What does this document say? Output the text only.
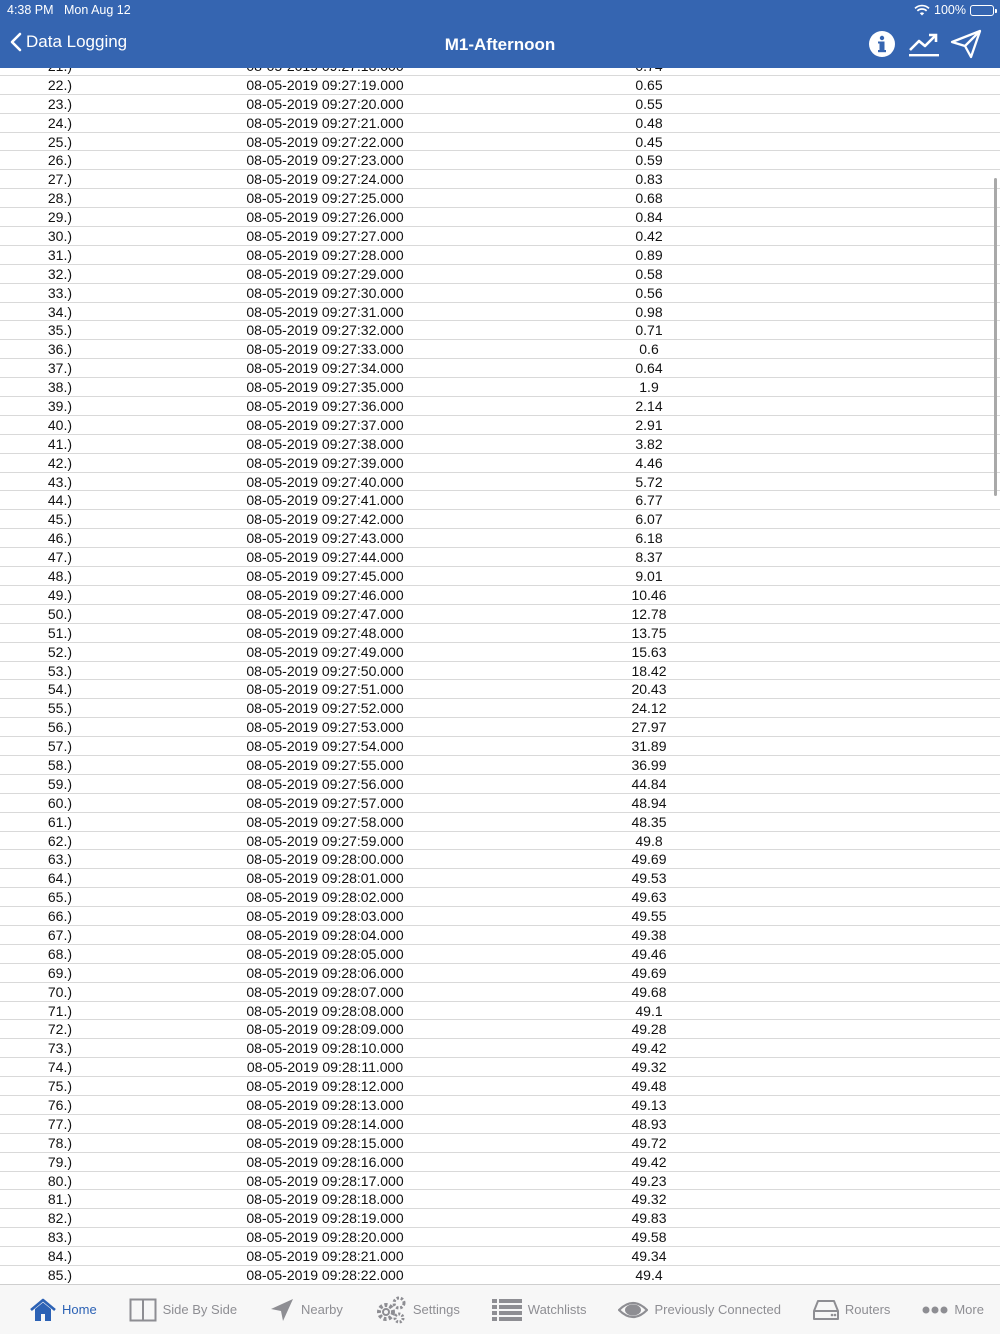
4:38 PM Mon Aug 12	100%
Data Logging	M1-Afternoon
22.)	08-05-2019 09:27:19.000	0.65
23.)	08-05-2019 09:27:20.000	0.55
24.)	08-05-2019 09:27:21.000	0.48
25.)	08-05-2019 09:27:22.000	0.45
26.)	08-05-2019 09:27:23.000	0.59
27.)	08-05-2019 09:27:24.000	0.83
28.)	08-05-2019 09:27:25.000	0.68
29.)	08-05-2019 09:27:26.000	0.84
30.)	08-05-2019 09:27:27.000	0.42
31.)	08-05-2019 09:27:28.000	0.89
32.)	08-05-2019 09:27:29.000	0.58
33.)	08-05-2019 09:27:30.000	0.56
34.)	08-05-2019 09:27:31.000	0.98
35.)	08-05-2019 09:27:32.000	0.71
36.)	08-05-2019 09:27:33.000	0.6
37.)	08-05-2019 09:27:34.000	0.64
38.)	08-05-2019 09:27:35.000	1.9
39.)	08-05-2019 09:27:36.000	2.14
40.)	08-05-2019 09:27:37.000	2.91
41.)	08-05-2019 09:27:38.000	3.82
42.)	08-05-2019 09:27:39.000	4.46
43.)	08-05-2019 09:27:40.000	5.72
44.)	08-05-2019 09:27:41.000	6.77
45.)	08-05-2019 09:27:42.000	6.07
46.)	08-05-2019 09:27:43.000	6.18
47.)	08-05-2019 09:27:44.000	8.37
48.)	08-05-2019 09:27:45.000	9.01
49.)	08-05-2019 09:27:46.000	10.46
50.)	08-05-2019 09:27:47.000	12.78
51.)	08-05-2019 09:27:48.000	13.75
52.)	08-05-2019 09:27:49.000	15.63
53.)	08-05-2019 09:27:50.000	18.42
54.)	08-05-2019 09:27:51.000	20.43
55.)	08-05-2019 09:27:52.000	24.12
56.)	08-05-2019 09:27:53.000	27.97
57.)	08-05-2019 09:27:54.000	31.89
58.)	08-05-2019 09:27:55.000	36.99
59.)	08-05-2019 09:27:56.000	44.84
60.)	08-05-2019 09:27:57.000	48.94
61.)	08-05-2019 09:27:58.000	48.35
62.)	08-05-2019 09:27:59.000	49.8
63.)	08-05-2019 09:28:00.000	49.69
64.)	08-05-2019 09:28:01.000	49.53
65.)	08-05-2019 09:28:02.000	49.63
66.)	08-05-2019 09:28:03.000	49.55
67.)	08-05-2019 09:28:04.000	49.38
68.)	08-05-2019 09:28:05.000	49.46
69.)	08-05-2019 09:28:06.000	49.69
70.)	08-05-2019 09:28:07.000	49.68
71.)	08-05-2019 09:28:08.000	49.1
72.)	08-05-2019 09:28:09.000	49.28
73.)	08-05-2019 09:28:10.000	49.42
74.)	08-05-2019 09:28:11.000	49.32
75.)	08-05-2019 09:28:12.000	49.48
76.)	08-05-2019 09:28:13.000	49.13
77.)	08-05-2019 09:28:14.000	48.93
78.)	08-05-2019 09:28:15.000	49.72
79.)	08-05-2019 09:28:16.000	49.42
80.)	08-05-2019 09:28:17.000	49.23
81.)	08-05-2019 09:28:18.000	49.32
82.)	08-05-2019 09:28:19.000	49.83
83.)	08-05-2019 09:28:20.000	49.58
84.)	08-05-2019 09:28:21.000	49.34
85.)	08-05-2019 09:28:22.000	49.4
Home	Side By Side	Nearby	Settings	Watchlists	Previously Connected	Routers	More
